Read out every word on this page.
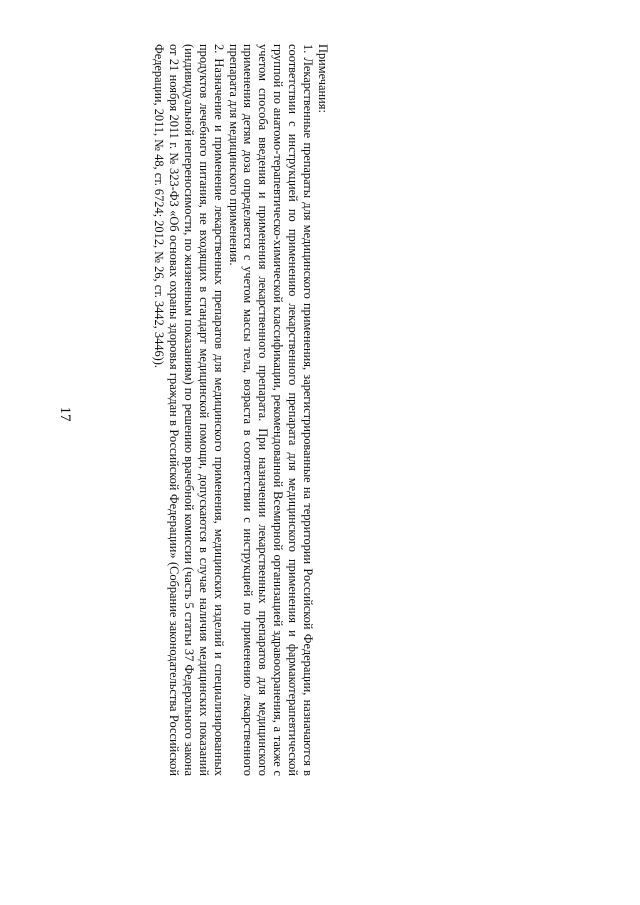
17

Примечания:

1. Лекарственные препараты для медицинского применения, зарегистрированные на территории Российской Федерации, назначаются в соответствии с инструкцией по применению лекарственного препарата для медицинского применения и фармакотерапевтической группой по анатомо-терапевтическо-химической классификации, рекомендованной Всемирной организацией здравоохранения, а также с учетом способа введения и применения лекарственного препарата. При назначении лекарственных препаратов для медицинского применения детям доза определяется с учетом массы тела, возраста в соответствии с инструкцией по применению лекарственного препарата для медицинского применения.

2. Назначение и применение лекарственных препаратов для медицинского применения, медицинских изделий и специализированных продуктов лечебного питания, не входящих в стандарт медицинской помощи, допускаются в случае наличия медицинских показаний (индивидуальной непереносимости, по жизненным показаниям) по решению врачебной комиссии (часть 5 статьи 37 Федерального закона от 21 ноября 2011 г. № 323-ФЗ «Об основах охраны здоровья граждан в Российской Федерации» (Собрание законодательства Российской Федерации, 2011, № 48, ст. 6724; 2012, № 26, ст. 3442, 3446)).
